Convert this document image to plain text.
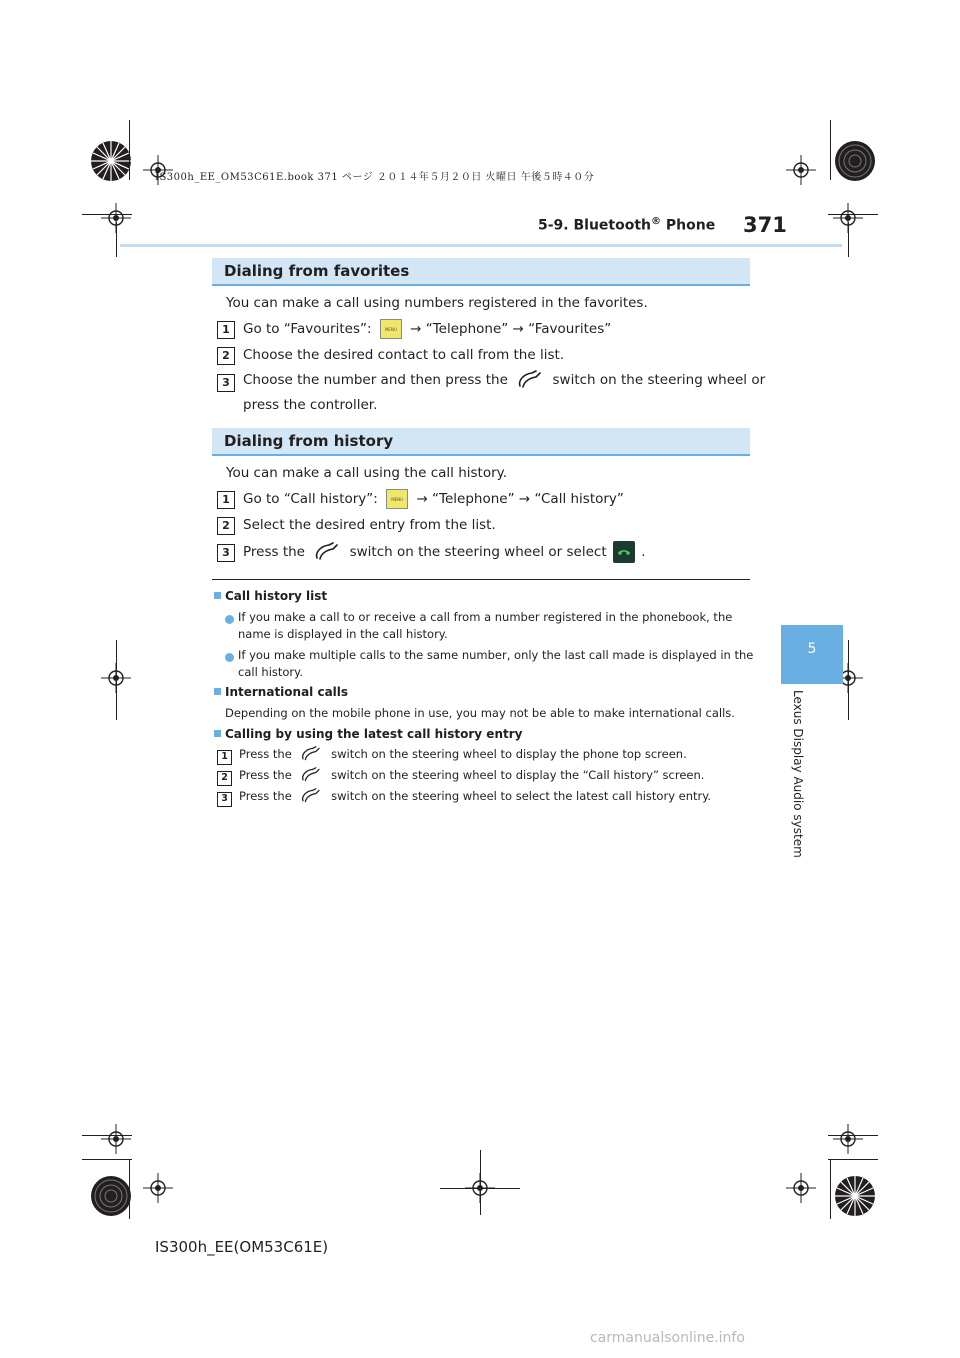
IS300h_EE_OM53C61E.book 371 ページ ２０１４年５月２０日 火曜日 午後５時４０分
5-9. Bluetooth® Phone 371
5
Lexus Display Audio system
Dialing from favorites
You can make a call using numbers registered in the favorites.
1 Go to “Favourites”:	MENU → “Telephone” → “Favourites”
2 Choose the desired contact to call from the list.
3 Choose the number and then press the	switch on the steering wheel or
press the controller.
Dialing from history
You can make a call using the call history.
1 Go to “Call history”:	MENU → “Telephone” → “Call history”
2 Select the desired entry from the list.
3 Press the	switch on the steering wheel or select	.
Call history list
If you make a call to or receive a call from a number registered in the phonebook, the
name is displayed in the call history.
If you make multiple calls to the same number, only the last call made is displayed in the
call history.
International calls
Depending on the mobile phone in use, you may not be able to make international calls.
Calling by using the latest call history entry
1 Press the	switch on the steering wheel to display the phone top screen.
2 Press the	switch on the steering wheel to display the “Call history” screen.
3 Press the	switch on the steering wheel to select the latest call history entry.
IS300h_EE(OM53C61E)
carmanualsonline.info
